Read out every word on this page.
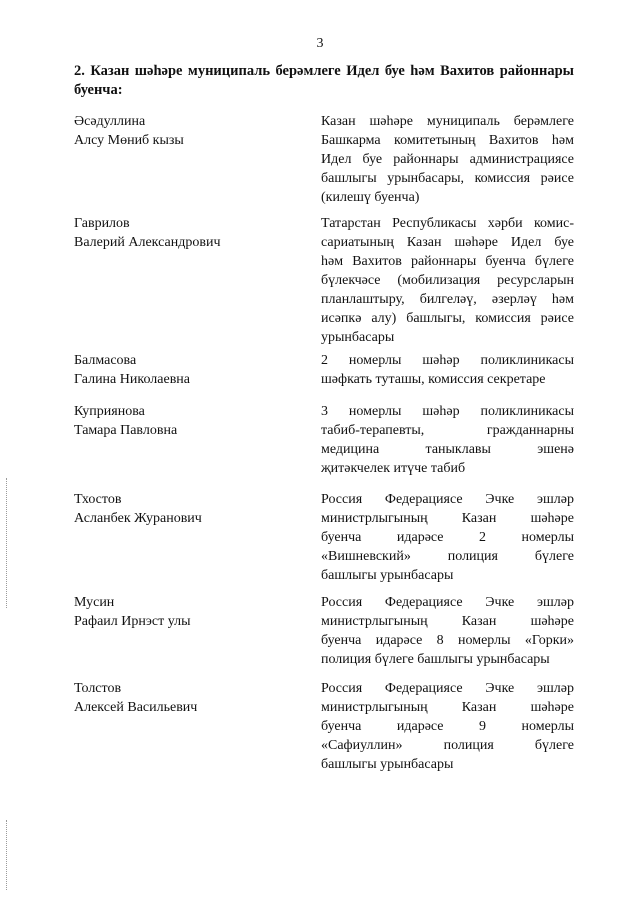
3
2. Казан шәһәре муниципаль берәмлеге Идел буе һәм Вахитов районнары буенча:
Әсәдуллина
Алсу Мөниб кызы
Казан шәһәре муниципаль берәмлеге
Башкарма комитетының Вахитов һәм
Идел буе районнары администрациясе
башлыгы урынбасары, комиссия рәисе
(килешү буенча)
Гаврилов
Валерий Александрович
Татарстан Республикасы хәрби комис-
сариатының Казан шәһәре Идел буе
һәм Вахитов районнары буенча бүлеге
бүлекчәсе (мобилизация ресурсларын
планлаштыру, билгеләү, әзерләү һәм
исәпкә алу) башлыгы, комиссия рәисе
урынбасары
Балмасова
Галина Николаевна
2 номерлы шәһәр поликлиникасы
шәфкать туташы, комиссия секретаре
Куприянова
Тамара Павловна
3 номерлы шәһәр поликлиникасы
табиб-терапевты, гражданнарны
медицина таныклавы эшенә
җитәкчелек итүче табиб
Тхостов
Асланбек Журанович
Россия Федерациясе Эчке эшләр
министрлыгының Казан шәһәре
буенча идарәсе 2 номерлы
«Вишневский» полиция бүлеге
башлыгы урынбасары
Мусин
Рафаил Ирнэст улы
Россия Федерациясе Эчке эшләр
министрлыгының Казан шәһәре
буенча идарәсе 8 номерлы «Горки»
полиция бүлеге башлыгы урынбасары
Толстов
Алексей Васильевич
Россия Федерациясе Эчке эшләр
министрлыгының Казан шәһәре
буенча идарәсе 9 номерлы
«Сафиуллин» полиция бүлеге
башлыгы урынбасары
